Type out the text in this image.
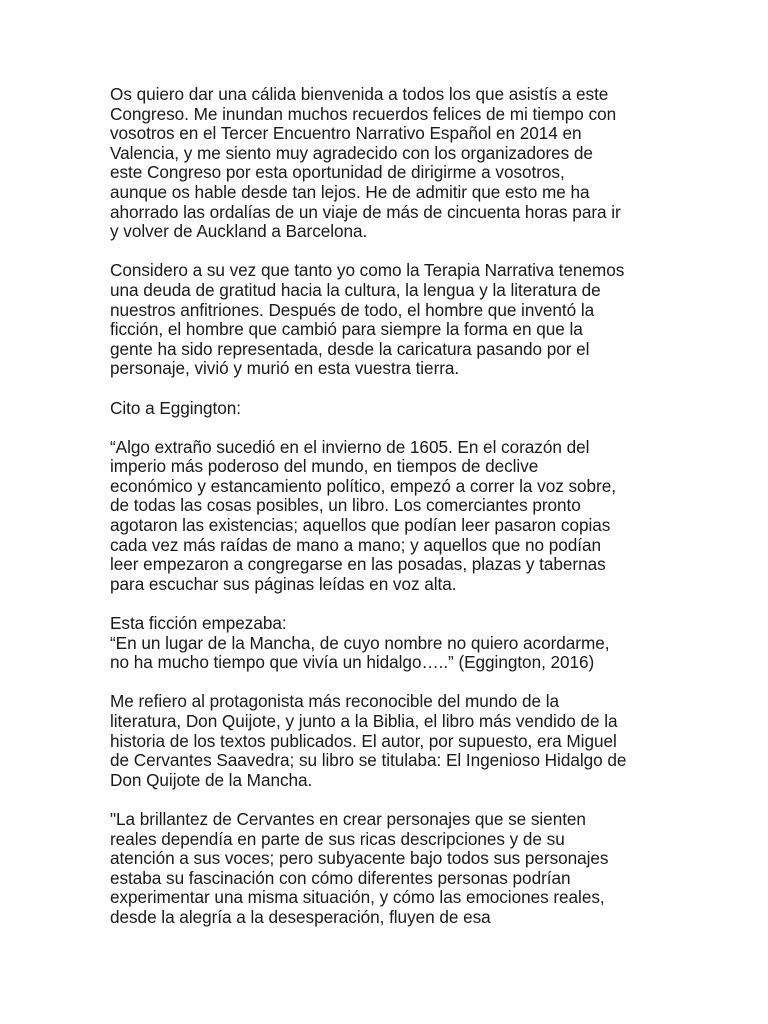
Os quiero dar una cálida bienvenida a todos los que asistís a este
Congreso. Me inundan muchos recuerdos felices de mi tiempo con
vosotros en el Tercer Encuentro Narrativo Español en 2014 en
Valencia, y me siento muy agradecido con los organizadores de
este Congreso por esta oportunidad de dirigirme a vosotros,
aunque os hable desde tan lejos. He de admitir que esto me ha
ahorrado las ordalías de un viaje de más de cincuenta horas para ir
y volver de Auckland a Barcelona.

Considero a su vez que tanto yo como la Terapia Narrativa tenemos
una deuda de gratitud hacia la cultura, la lengua y la literatura de
nuestros anfitriones. Después de todo, el hombre que inventó la
ficción, el hombre que cambió para siempre la forma en que la
gente ha sido representada, desde la caricatura pasando por el
personaje, vivió y murió en esta vuestra tierra.

Cito a Eggington:

“Algo extraño sucedió en el invierno de 1605. En el corazón del
imperio más poderoso del mundo, en tiempos de declive
económico y estancamiento político, empezó a correr la voz sobre,
de todas las cosas posibles, un libro. Los comerciantes pronto
agotaron las existencias; aquellos que podían leer pasaron copias
cada vez más raídas de mano a mano; y aquellos que no podían
leer empezaron a congregarse en las posadas, plazas y tabernas
para escuchar sus páginas leídas en voz alta.

Esta ficción empezaba:
“En un lugar de la Mancha, de cuyo nombre no quiero acordarme,
no ha mucho tiempo que vivía un hidalgo…..” (Eggington, 2016)

Me refiero al protagonista más reconocible del mundo de la
literatura, Don Quijote, y junto a la Biblia, el libro más vendido de la
historia de los textos publicados. El autor, por supuesto, era Miguel
de Cervantes Saavedra; su libro se titulaba: El Ingenioso Hidalgo de
Don Quijote de la Mancha.

"La brillantez de Cervantes en crear personajes que se sienten
reales dependía en parte de sus ricas descripciones y de su
atención a sus voces; pero subyacente bajo todos sus personajes
estaba su fascinación con cómo diferentes personas podrían
experimentar una misma situación, y cómo las emociones reales,
desde la alegría a la desesperación, fluyen de esa
